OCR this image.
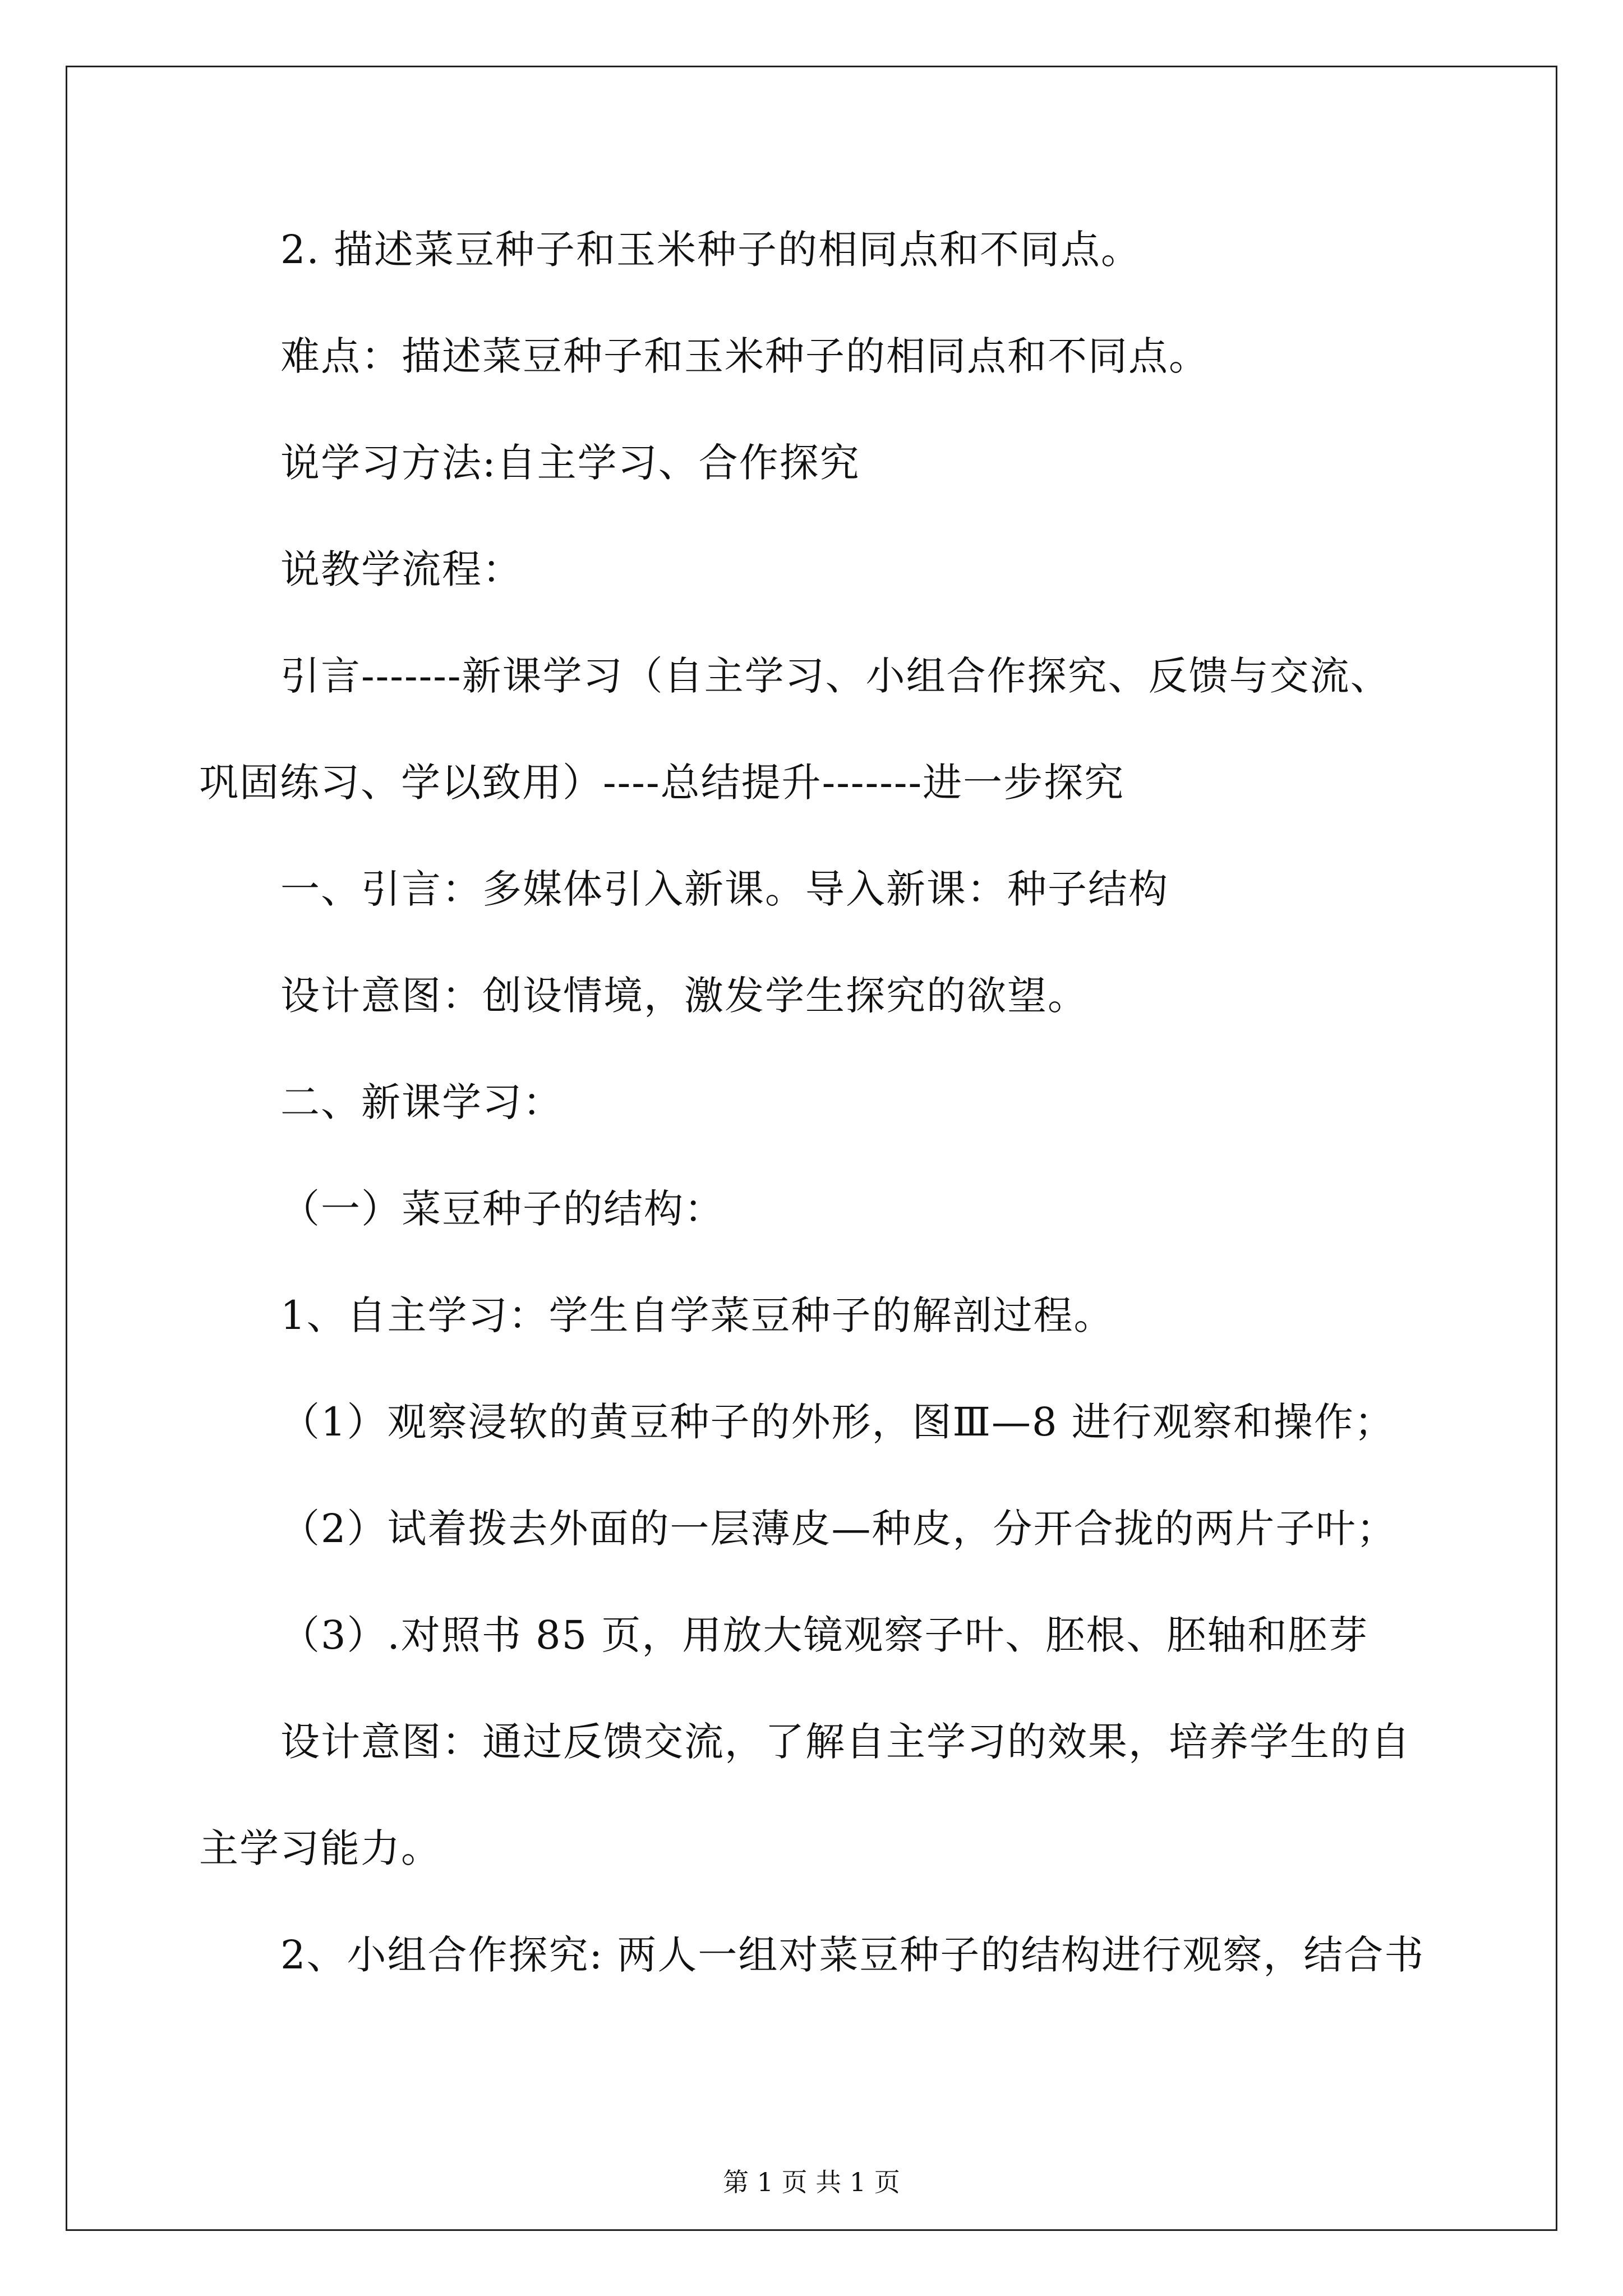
2. 描述菜豆种子和玉米种子的相同点和不同点。
难点：描述菜豆种子和玉米种子的相同点和不同点。
说学习方法:自主学习、合作探究
说教学流程：
引言-------新课学习（自主学习、小组合作探究、反馈与交流、
巩固练习、学以致用）----总结提升-------进一步探究
一、引言：多媒体引入新课。导入新课：种子结构
设计意图：创设情境，激发学生探究的欲望。
二、新课学习：
（一）菜豆种子的结构：
1、自主学习：学生自学菜豆种子的解剖过程。
（1）观察浸软的黄豆种子的外形，图Ⅲ—8 进行观察和操作；
（2）试着拨去外面的一层薄皮—种皮，分开合拢的两片子叶；
（3）.对照书 85 页，用放大镜观察子叶、胚根、胚轴和胚芽
设计意图：通过反馈交流，了解自主学习的效果，培养学生的自
主学习能力。
2、小组合作探究: 两人一组对菜豆种子的结构进行观察，结合书
第 1 页 共 1 页
